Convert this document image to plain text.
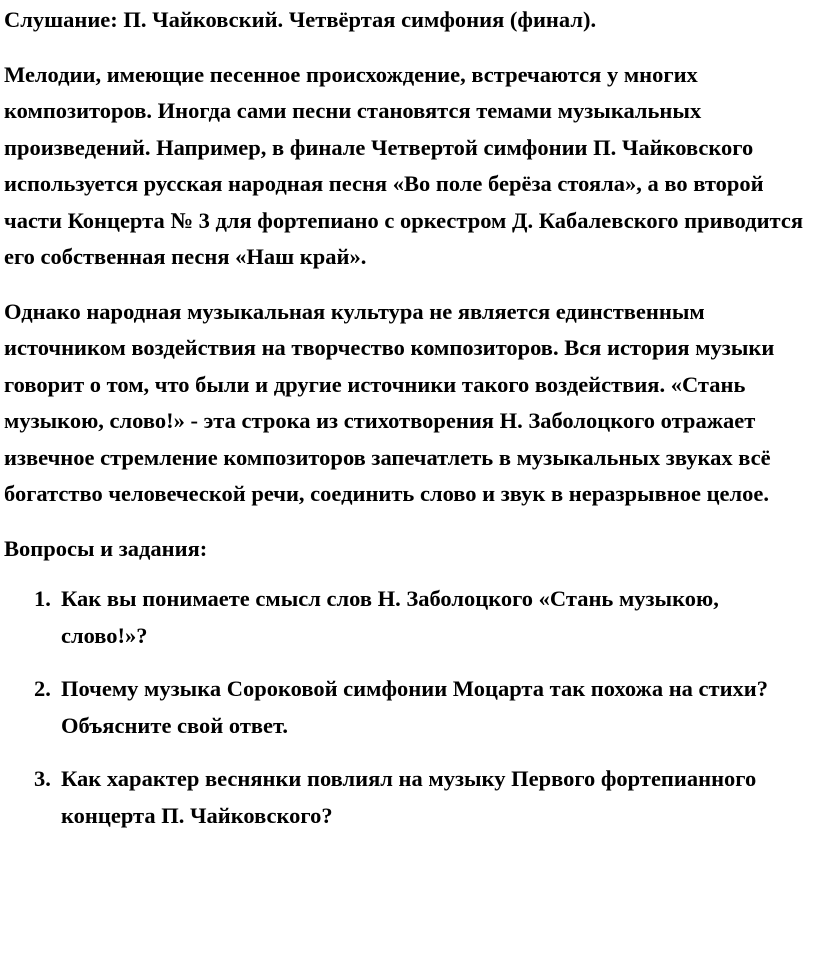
Слушание: П. Чайковский. Четвёртая симфония (финал).

Мелодии, имеющие песенное происхождение, встречаются у многих композиторов. Иногда сами песни становятся темами музыкальных произведений. Например, в финале Четвертой симфонии П. Чайковского используется русская народная песня «Во поле берёза стояла», а во второй части Концерта № 3 для фортепиано с оркестром Д. Кабалевского приводится его собственная песня «Наш край».

Однако народная музыкальная культура не является единственным источником воздействия на творчество композиторов. Вся история музыки говорит о том, что были и другие источники такого воздействия. «Стань музыкою, слово!» - эта строка из стихотворения Н. Заболоцкого отражает извечное стремление композиторов запечатлеть в музыкальных звуках всё богатство человеческой речи, соединить слово и звук в неразрывное целое.

Вопросы и задания:

1. Как вы понимаете смысл слов Н. Заболоцкого «Стань музыкою, слово!»?
2. Почему музыка Сороковой симфонии Моцарта так похожа на стихи? Объясните свой ответ.
3. Как характер веснянки повлиял на музыку Первого фортепианного концерта П. Чайковского?
